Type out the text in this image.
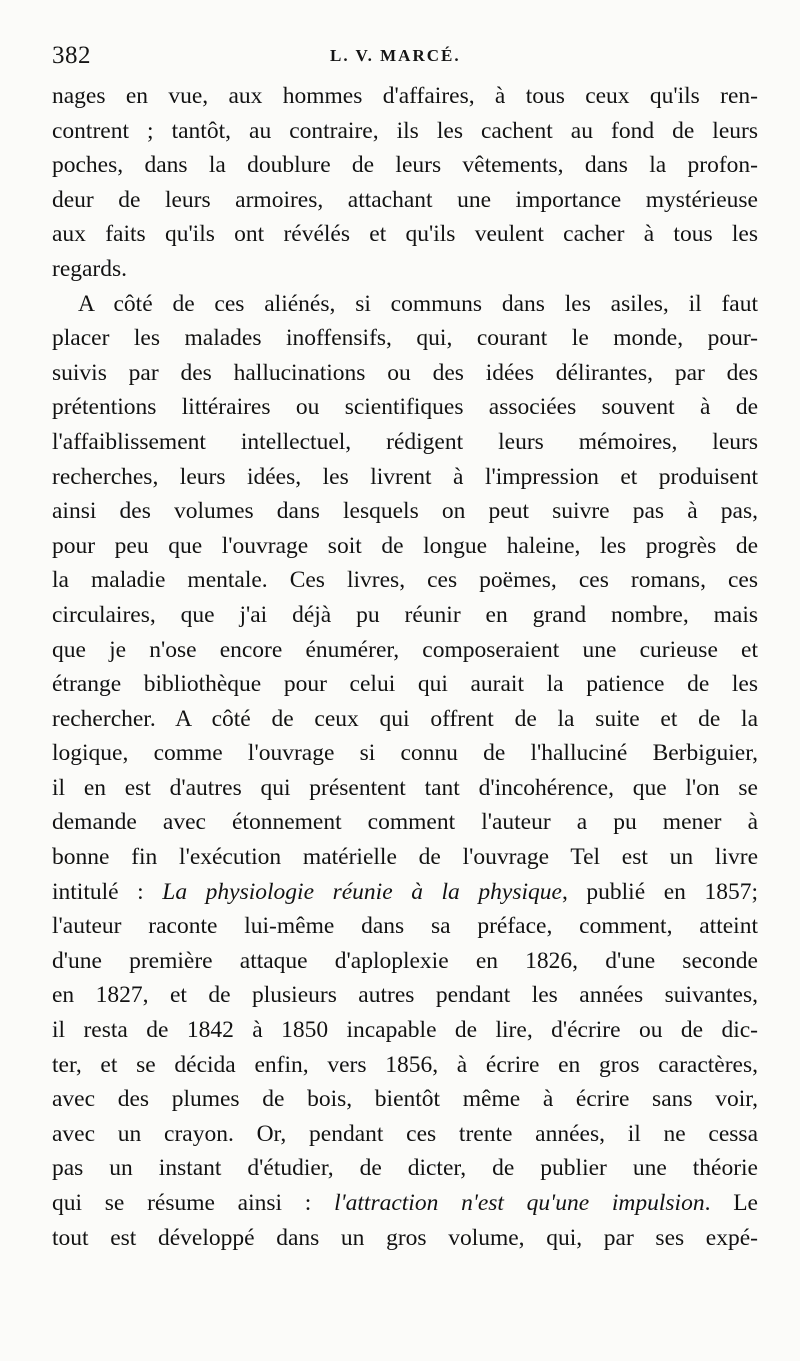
382	L. V. MARCÉ.
nages en vue, aux hommes d'affaires, à tous ceux qu'ils ren-
contrent ; tantôt, au contraire, ils les cachent au fond de leurs
poches, dans la doublure de leurs vêtements, dans la profon-
deur de leurs armoires, attachant une importance mystérieuse
aux faits qu'ils ont révélés et qu'ils veulent cacher à tous les
regards.
A côté de ces aliénés, si communs dans les asiles, il faut
placer les malades inoffensifs, qui, courant le monde, pour-
suivis par des hallucinations ou des idées délirantes, par des
prétentions littéraires ou scientifiques associées souvent à de
l'affaiblissement intellectuel, rédigent leurs mémoires, leurs
recherches, leurs idées, les livrent à l'impression et produisent
ainsi des volumes dans lesquels on peut suivre pas à pas,
pour peu que l'ouvrage soit de longue haleine, les progrès de
la maladie mentale. Ces livres, ces poëmes, ces romans, ces
circulaires, que j'ai déjà pu réunir en grand nombre, mais
que je n'ose encore énumérer, composeraient une curieuse et
étrange bibliothèque pour celui qui aurait la patience de les
rechercher. A côté de ceux qui offrent de la suite et de la
logique, comme l'ouvrage si connu de l'halluciné Berbiguier,
il en est d'autres qui présentent tant d'incohérence, que l'on se
demande avec étonnement comment l'auteur a pu mener à
bonne fin l'exécution matérielle de l'ouvrage Tel est un livre
intitulé : La physiologie réunie à la physique, publié en 1857;
l'auteur raconte lui-même dans sa préface, comment, atteint
d'une première attaque d'aploplexie en 1826, d'une seconde
en 1827, et de plusieurs autres pendant les années suivantes,
il resta de 1842 à 1850 incapable de lire, d'écrire ou de dic-
ter, et se décida enfin, vers 1856, à écrire en gros caractères,
avec des plumes de bois, bientôt même à écrire sans voir,
avec un crayon. Or, pendant ces trente années, il ne cessa
pas un instant d'étudier, de dicter, de publier une théorie
qui se résume ainsi : l'attraction n'est qu'une impulsion. Le
tout est développé dans un gros volume, qui, par ses expé-
